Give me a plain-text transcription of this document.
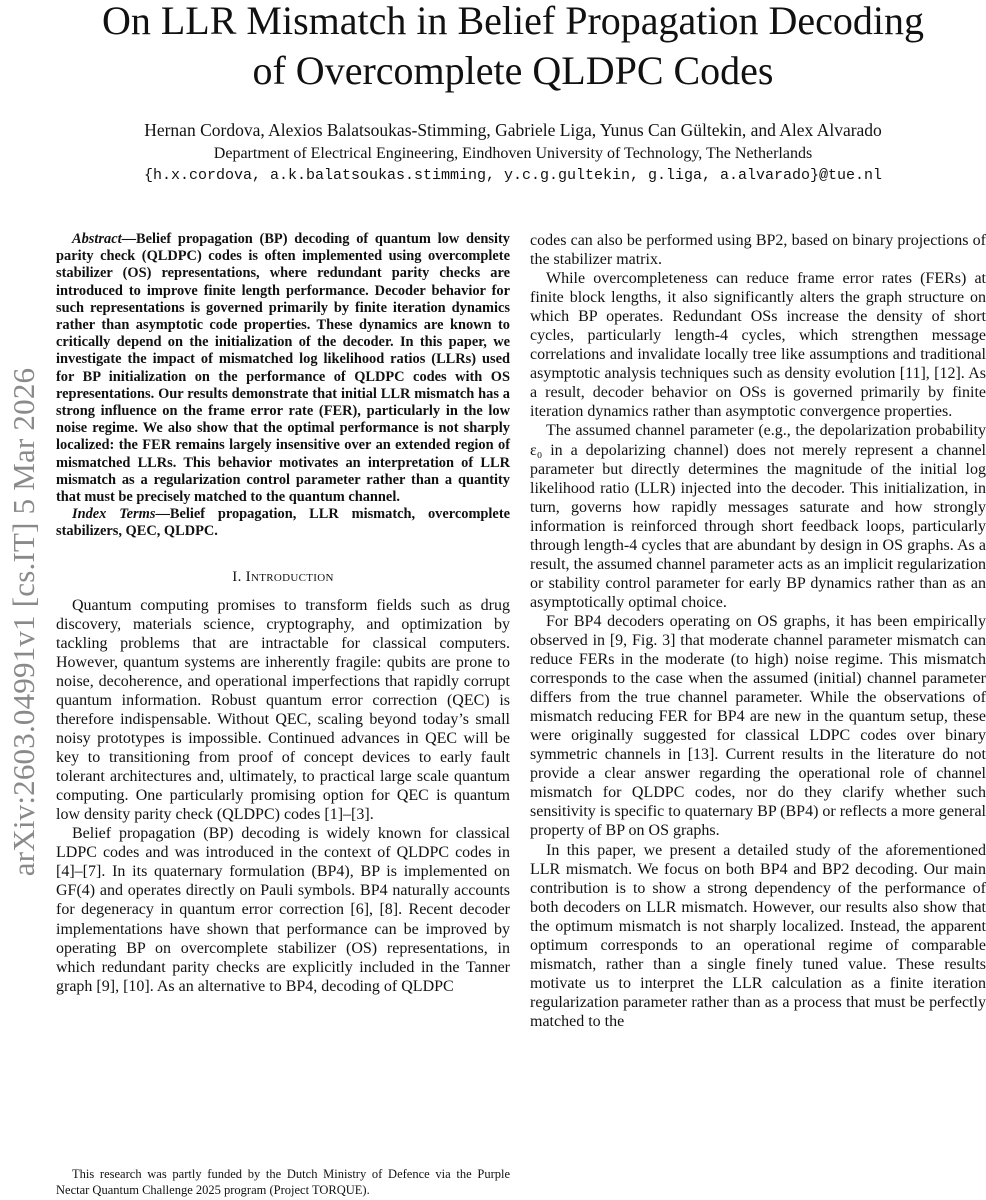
arXiv:2603.04991v1 [cs.IT] 5 Mar 2026
On LLR Mismatch in Belief Propagation Decoding
of Overcomplete QLDPC Codes
Hernan Cordova, Alexios Balatsoukas-Stimming, Gabriele Liga, Yunus Can Gültekin, and Alex Alvarado
Department of Electrical Engineering, Eindhoven University of Technology, The Netherlands
{h.x.cordova, a.k.balatsoukas.stimming, y.c.g.gultekin, g.liga, a.alvarado}@tue.nl

Abstract—Belief propagation (BP) decoding of quantum low density parity check (QLDPC) codes is often implemented using overcomplete stabilizer (OS) representations, where redundant parity checks are introduced to improve finite length performance. Decoder behavior for such representations is governed primarily by finite iteration dynamics rather than asymptotic code properties. These dynamics are known to critically depend on the initialization of the decoder. In this paper, we investigate the impact of mismatched log likelihood ratios (LLRs) used for BP initialization on the performance of QLDPC codes with OS representations. Our results demonstrate that initial LLR mismatch has a strong influence on the frame error rate (FER), particularly in the low noise regime. We also show that the optimal performance is not sharply localized: the FER remains largely insensitive over an extended region of mismatched LLRs. This behavior motivates an interpretation of LLR mismatch as a regularization control parameter rather than a quantity that must be precisely matched to the quantum channel.

Index Terms—Belief propagation, LLR mismatch, overcomplete stabilizers, QEC, QLDPC.

I. Introduction

Quantum computing promises to transform fields such as drug discovery, materials science, cryptography, and optimization by tackling problems that are intractable for classical computers. However, quantum systems are inherently fragile: qubits are prone to noise, decoherence, and operational imperfections that rapidly corrupt quantum information. Robust quantum error correction (QEC) is therefore indispensable. Without QEC, scaling beyond today’s small noisy prototypes is impossible. Continued advances in QEC will be key to transitioning from proof of concept devices to early fault tolerant architectures and, ultimately, to practical large scale quantum computing. One particularly promising option for QEC is quantum low density parity check (QLDPC) codes [1]–[3].

Belief propagation (BP) decoding is widely known for classical LDPC codes and was introduced in the context of QLDPC codes in [4]–[7]. In its quaternary formulation (BP4), BP is implemented on GF(4) and operates directly on Pauli symbols. BP4 naturally accounts for degeneracy in quantum error correction [6], [8]. Recent decoder implementations have shown that performance can be improved by operating BP on overcomplete stabilizer (OS) representations, in which redundant parity checks are explicitly included in the Tanner graph [9], [10]. As an alternative to BP4, decoding of QLDPC

codes can also be performed using BP2, based on binary projections of the stabilizer matrix.

While overcompleteness can reduce frame error rates (FERs) at finite block lengths, it also significantly alters the graph structure on which BP operates. Redundant OSs increase the density of short cycles, particularly length-4 cycles, which strengthen message correlations and invalidate locally tree like assumptions and traditional asymptotic analysis techniques such as density evolution [11], [12]. As a result, decoder behavior on OSs is governed primarily by finite iteration dynamics rather than asymptotic convergence properties.

The assumed channel parameter (e.g., the depolarization probability ε₀ in a depolarizing channel) does not merely represent a channel parameter but directly determines the magnitude of the initial log likelihood ratio (LLR) injected into the decoder. This initialization, in turn, governs how rapidly messages saturate and how strongly information is reinforced through short feedback loops, particularly through length-4 cycles that are abundant by design in OS graphs. As a result, the assumed channel parameter acts as an implicit regularization or stability control parameter for early BP dynamics rather than as an asymptotically optimal choice.

For BP4 decoders operating on OS graphs, it has been empirically observed in [9, Fig. 3] that moderate channel parameter mismatch can reduce FERs in the moderate (to high) noise regime. This mismatch corresponds to the case when the assumed (initial) channel parameter differs from the true channel parameter. While the observations of mismatch reducing FER for BP4 are new in the quantum setup, these were originally suggested for classical LDPC codes over binary symmetric channels in [13]. Current results in the literature do not provide a clear answer regarding the operational role of channel mismatch for QLDPC codes, nor do they clarify whether such sensitivity is specific to quaternary BP (BP4) or reflects a more general property of BP on OS graphs.

In this paper, we present a detailed study of the aforementioned LLR mismatch. We focus on both BP4 and BP2 decoding. Our main contribution is to show a strong dependency of the performance of both decoders on LLR mismatch. However, our results also show that the optimum mismatch is not sharply localized. Instead, the apparent optimum corresponds to an operational regime of comparable mismatch, rather than a single finely tuned value. These results motivate us to interpret the LLR calculation as a finite iteration regularization parameter rather than as a process that must be perfectly matched to the

This research was partly funded by the Dutch Ministry of Defence via the Purple Nectar Quantum Challenge 2025 program (Project TORQUE).
